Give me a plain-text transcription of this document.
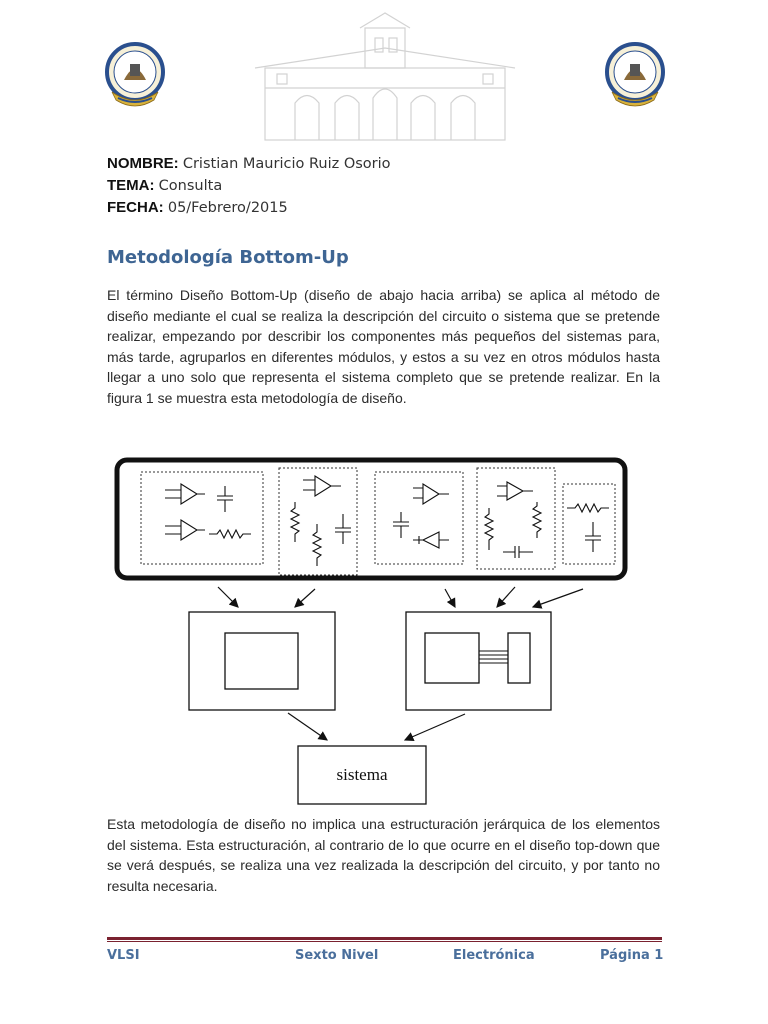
NOMBRE: Cristian Mauricio Ruiz Osorio
TEMA: Consulta
FECHA: 05/Febrero/2015
Metodología Bottom-Up

El término Diseño Bottom-Up (diseño de abajo hacia arriba) se aplica al método de diseño mediante el cual se realiza la descripción del circuito o sistema que se pretende realizar, empezando por describir los componentes más pequeños del sistemas para, más tarde, agruparlos en diferentes módulos, y estos a su vez en otros módulos hasta llegar a uno solo que representa el sistema completo que se pretende realizar. En la figura 1 se muestra esta metodología de diseño.

sistema

Esta metodología de diseño no implica una estructuración jerárquica de los elementos del sistema. Esta estructuración, al contrario de lo que ocurre en el diseño top-down que se verá después, se realiza una vez realizada la descripción del circuito, y por tanto no resulta necesaria.

VLSI	Sexto Nivel	Electrónica	Página 1
